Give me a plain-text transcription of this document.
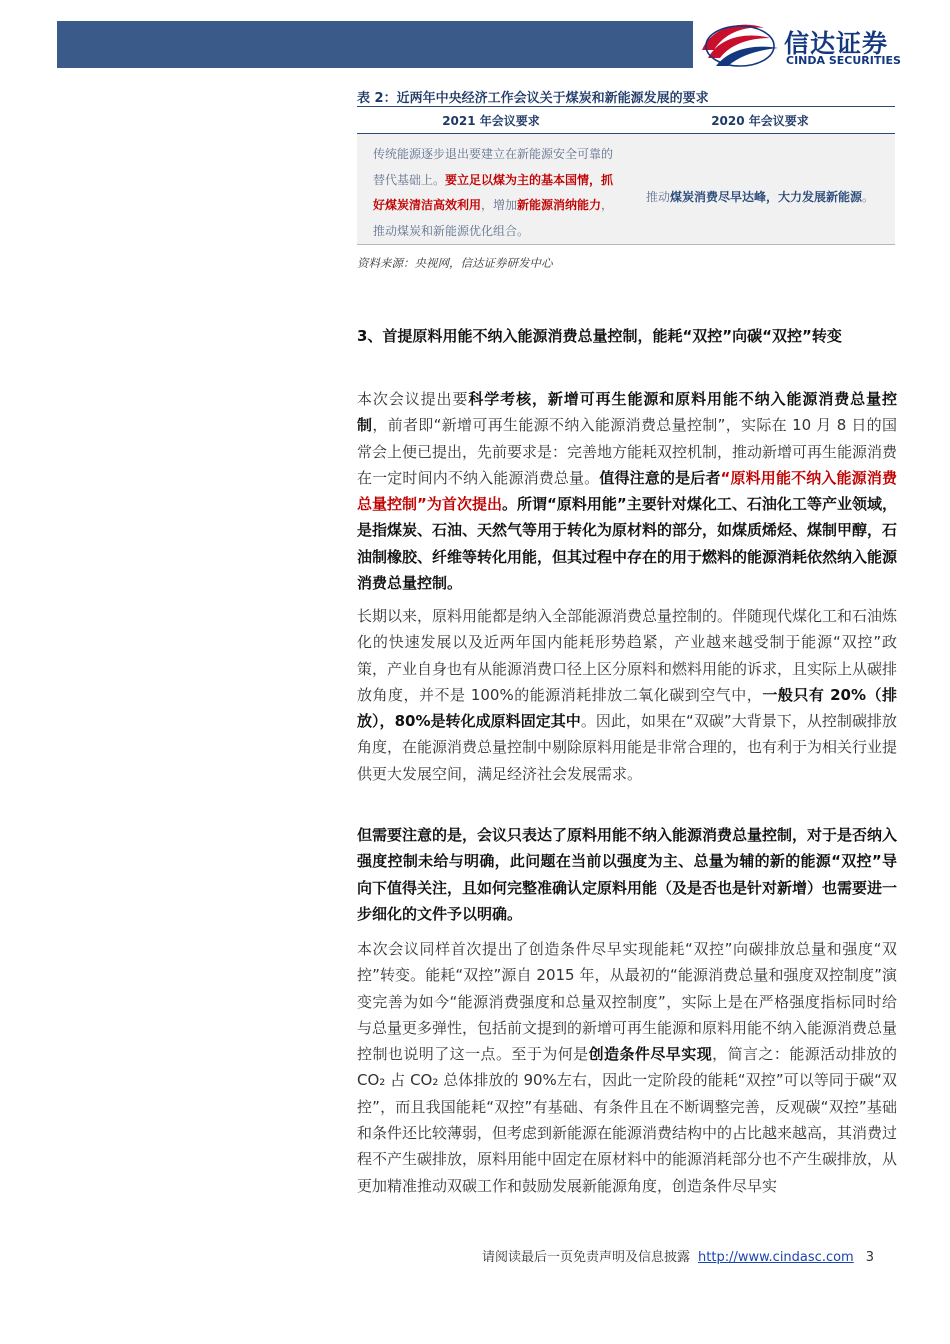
信达证券
CINDA SECURITIES
表 2：近两年中央经济工作会议关于煤炭和新能源发展的要求
2021 年会议要求	2020 年会议要求
传统能源逐步退出要建立在新能源安全可靠的替代基础上。要立足以煤为主的基本国情，抓好煤炭清洁高效利用，增加新能源消纳能力，推动煤炭和新能源优化组合。
推动煤炭消费尽早达峰，大力发展新能源。
资料来源：央视网，信达证券研发中心
3、首提原料用能不纳入能源消费总量控制，能耗“双控”向碳“双控”转变
本次会议提出要科学考核，新增可再生能源和原料用能不纳入能源消费总量控制，前者即“新增可再生能源不纳入能源消费总量控制”，实际在 10 月 8 日的国常会上便已提出，先前要求是：完善地方能耗双控机制，推动新增可再生能源消费在一定时间内不纳入能源消费总量。值得注意的是后者“原料用能不纳入能源消费总量控制”为首次提出。所谓“原料用能”主要针对煤化工、石油化工等产业领域，是指煤炭、石油、天然气等用于转化为原材料的部分，如煤质烯烃、煤制甲醇，石油制橡胶、纤维等转化用能，但其过程中存在的用于燃料的能源消耗依然纳入能源消费总量控制。
长期以来，原料用能都是纳入全部能源消费总量控制的。伴随现代煤化工和石油炼化的快速发展以及近两年国内能耗形势趋紧，产业越来越受制于能源“双控”政策，产业自身也有从能源消费口径上区分原料和燃料用能的诉求，且实际上从碳排放角度，并不是 100%的能源消耗排放二氧化碳到空气中，一般只有 20%（排放），80%是转化成原料固定其中。因此，如果在“双碳”大背景下，从控制碳排放角度，在能源消费总量控制中剔除原料用能是非常合理的，也有利于为相关行业提供更大发展空间，满足经济社会发展需求。
但需要注意的是，会议只表达了原料用能不纳入能源消费总量控制，对于是否纳入强度控制未给与明确，此问题在当前以强度为主、总量为辅的新的能源“双控”导向下值得关注，且如何完整准确认定原料用能（及是否也是针对新增）也需要进一步细化的文件予以明确。
本次会议同样首次提出了创造条件尽早实现能耗“双控”向碳排放总量和强度“双控”转变。能耗“双控”源自 2015 年，从最初的“能源消费总量和强度双控制度”演变完善为如今“能源消费强度和总量双控制度”，实际上是在严格强度指标同时给与总量更多弹性，包括前文提到的新增可再生能源和原料用能不纳入能源消费总量控制也说明了这一点。至于为何是创造条件尽早实现，简言之：能源活动排放的 CO₂ 占 CO₂ 总体排放的 90%左右，因此一定阶段的能耗“双控”可以等同于碳“双控”，而且我国能耗“双控”有基础、有条件且在不断调整完善，反观碳“双控”基础和条件还比较薄弱，但考虑到新能源在能源消费结构中的占比越来越高，其消费过程不产生碳排放，原料用能中固定在原材料中的能源消耗部分也不产生碳排放，从更加精准推动双碳工作和鼓励发展新能源角度，创造条件尽早实
请阅读最后一页免责声明及信息披露 http://www.cindasc.com 3
